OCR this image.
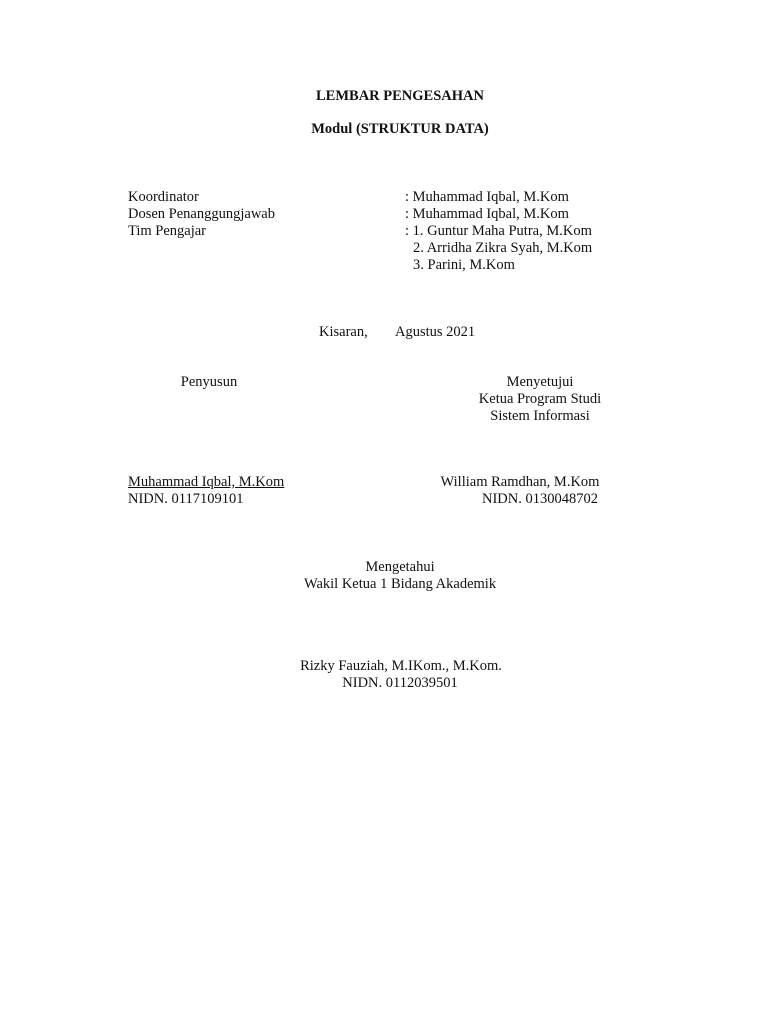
LEMBAR PENGESAHAN
Modul (STRUKTUR DATA)
Koordinator	: Muhammad Iqbal, M.Kom
Dosen Penanggungjawab	: Muhammad Iqbal, M.Kom
Tim Pengajar	: 1. Guntur Maha Putra, M.Kom
2. Arridha Zikra Syah, M.Kom
3. Parini, M.Kom
Kisaran, Agustus 2021
Penyusun
Muhammad Iqbal, M.Kom
NIDN. 0117109101
Menyetujui
Ketua Program Studi
Sistem Informasi
William Ramdhan, M.Kom
NIDN. 0130048702
Mengetahui
Wakil Ketua 1 Bidang Akademik
Rizky Fauziah, M.IKom., M.Kom.
NIDN. 0112039501
